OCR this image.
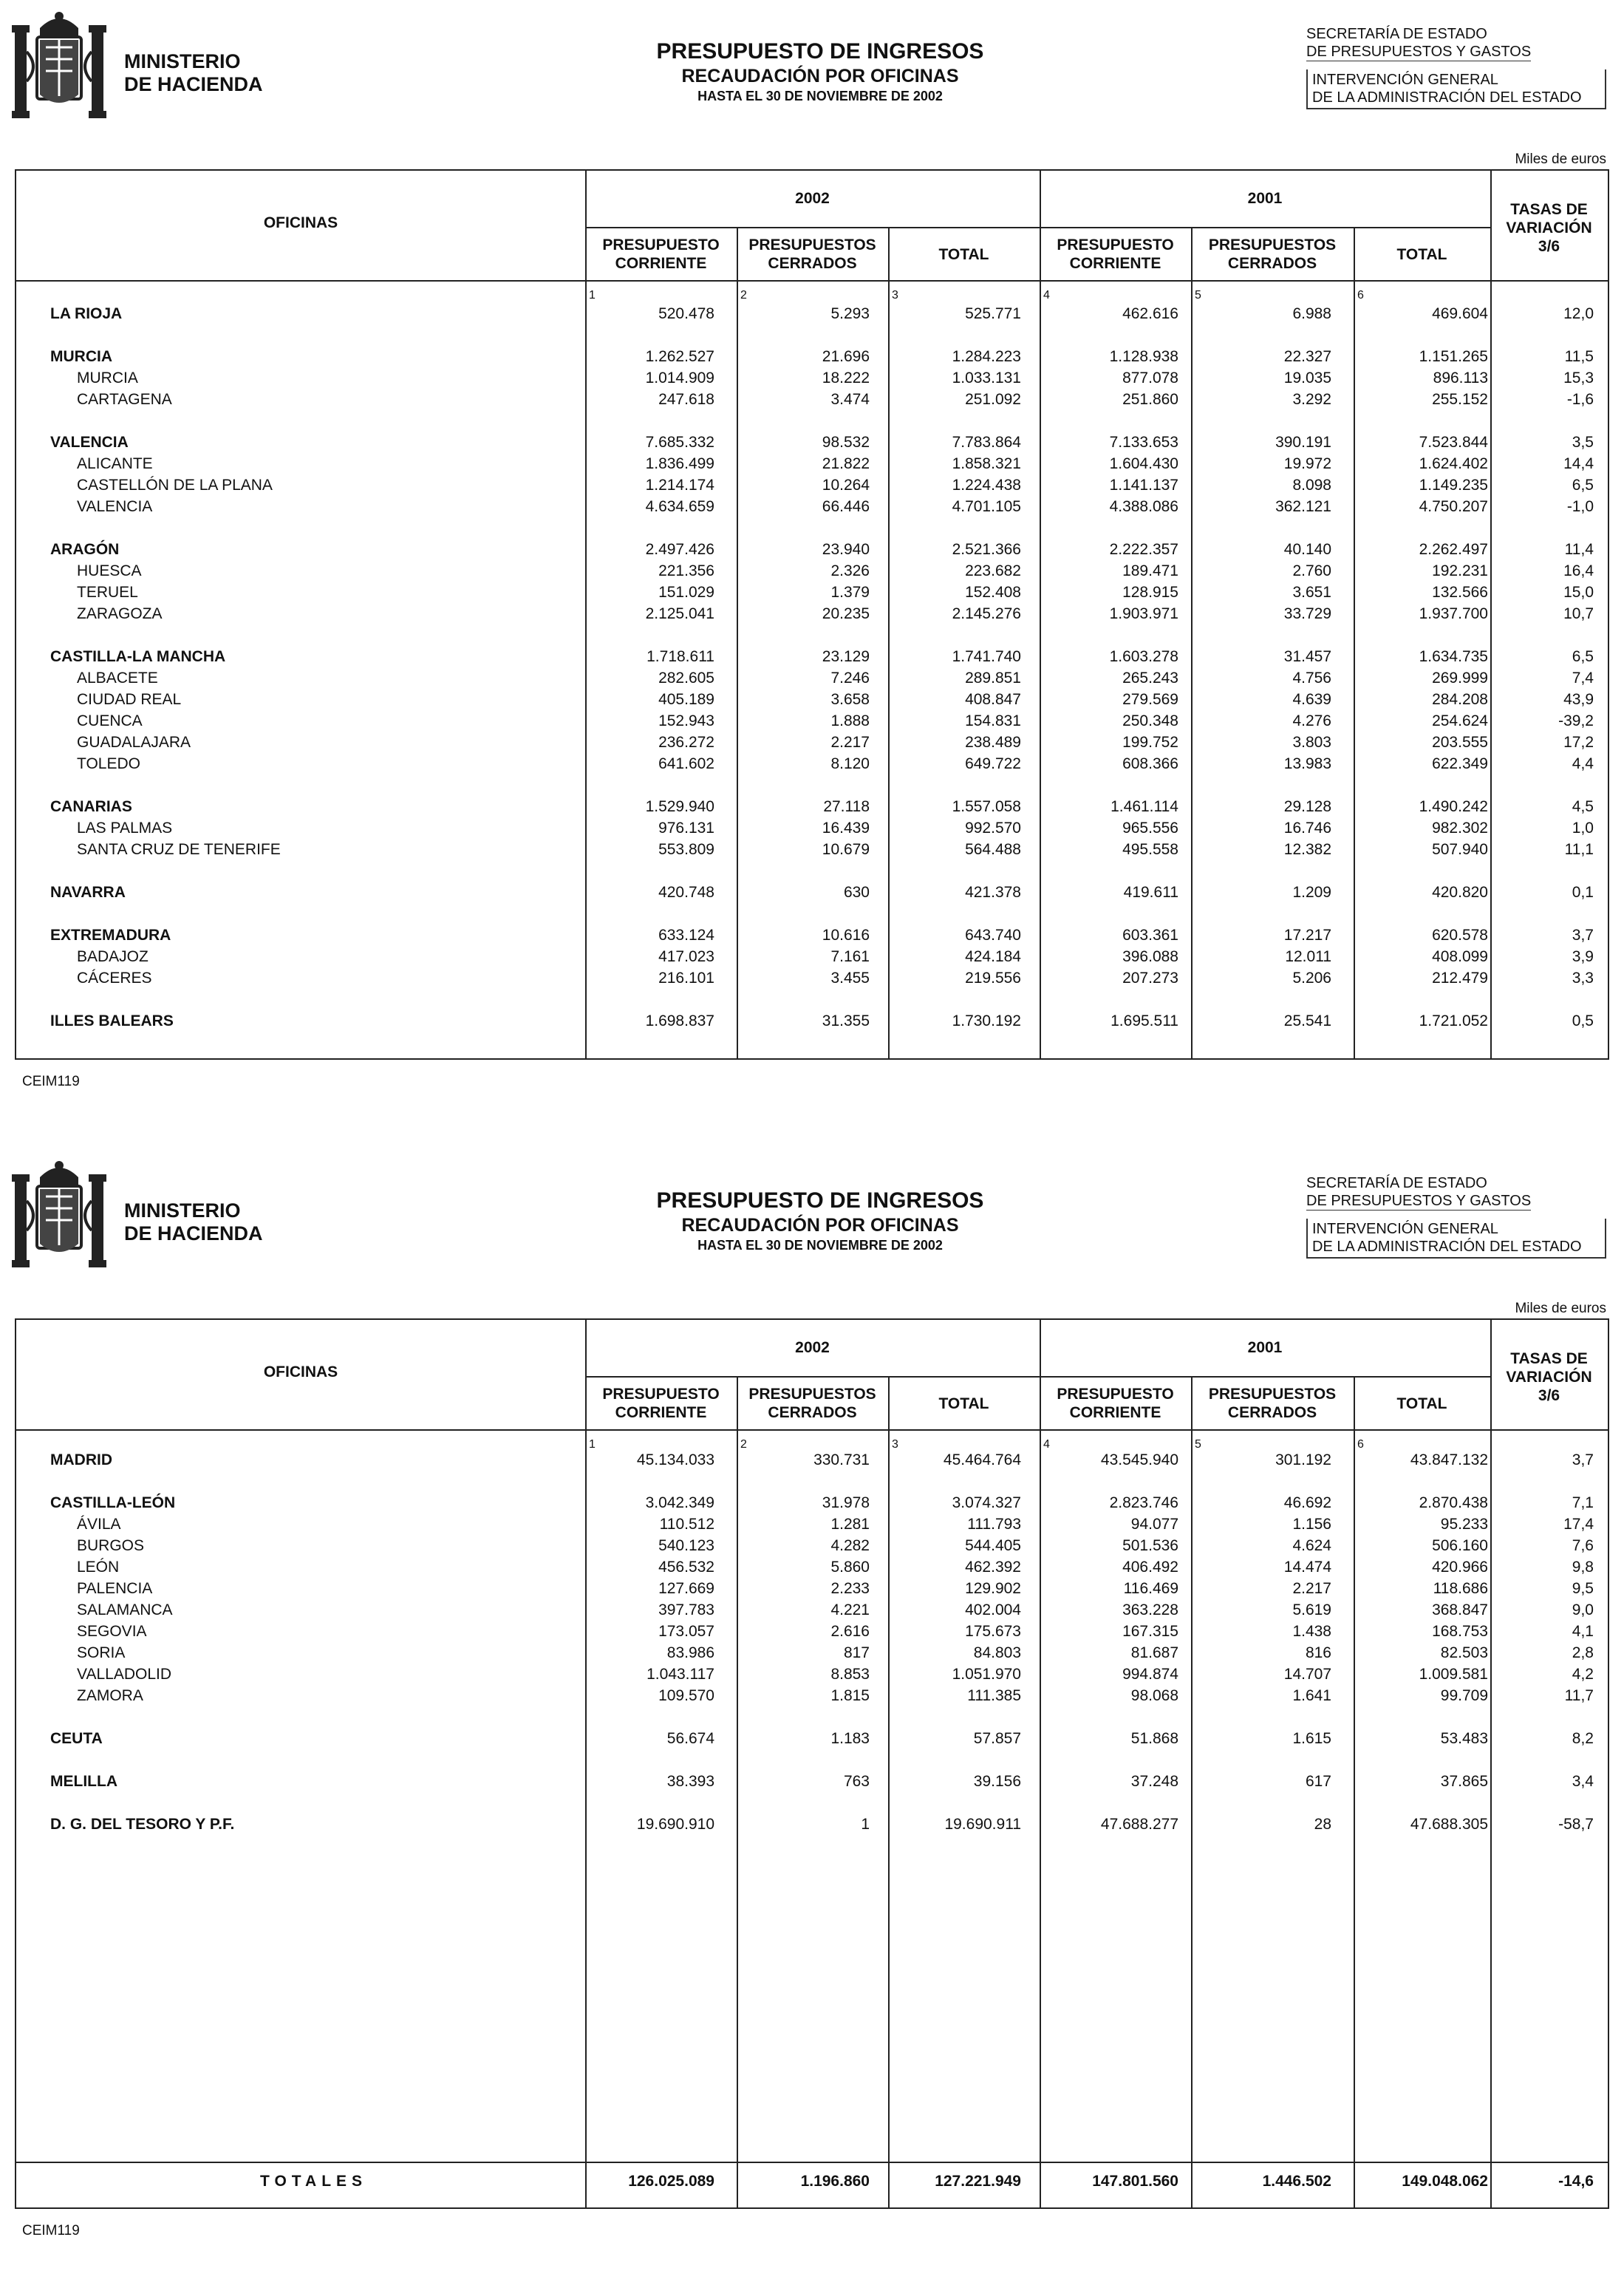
MINISTERIO
DE HACIENDA
PRESUPUESTO DE INGRESOS
RECAUDACIÓN POR OFICINAS
HASTA EL 30 DE NOVIEMBRE DE 2002
SECRETARÍA DE ESTADO
DE PRESUPUESTOS Y GASTOS
INTERVENCIÓN GENERAL
DE LA ADMINISTRACIÓN DEL ESTADO
Miles de euros
OFICINAS
2002	2001
PRESUPUESTO
CORRIENTE
PRESUPUESTOS
CERRADOS
TOTAL
PRESUPUESTO
CORRIENTE
PRESUPUESTOS
CERRADOS
TOTAL
TASAS DE
VARIACIÓN
3/6
1	2	3	4	5	6
LA RIOJA	520.478	5.293	525.771	462.616	6.988	469.604	12,0
MURCIA	1.262.527	21.696	1.284.223	1.128.938	22.327	1.151.265	11,5
MURCIA	1.014.909	18.222	1.033.131	877.078	19.035	896.113	15,3
CARTAGENA	247.618	3.474	251.092	251.860	3.292	255.152	-1,6
VALENCIA	7.685.332	98.532	7.783.864	7.133.653	390.191	7.523.844	3,5
ALICANTE	1.836.499	21.822	1.858.321	1.604.430	19.972	1.624.402	14,4
CASTELLÓN DE LA PLANA	1.214.174	10.264	1.224.438	1.141.137	8.098	1.149.235	6,5
VALENCIA	4.634.659	66.446	4.701.105	4.388.086	362.121	4.750.207	-1,0
ARAGÓN	2.497.426	23.940	2.521.366	2.222.357	40.140	2.262.497	11,4
HUESCA	221.356	2.326	223.682	189.471	2.760	192.231	16,4
TERUEL	151.029	1.379	152.408	128.915	3.651	132.566	15,0
ZARAGOZA	2.125.041	20.235	2.145.276	1.903.971	33.729	1.937.700	10,7
CASTILLA-LA MANCHA	1.718.611	23.129	1.741.740	1.603.278	31.457	1.634.735	6,5
ALBACETE	282.605	7.246	289.851	265.243	4.756	269.999	7,4
CIUDAD REAL	405.189	3.658	408.847	279.569	4.639	284.208	43,9
CUENCA	152.943	1.888	154.831	250.348	4.276	254.624	-39,2
GUADALAJARA	236.272	2.217	238.489	199.752	3.803	203.555	17,2
TOLEDO	641.602	8.120	649.722	608.366	13.983	622.349	4,4
CANARIAS	1.529.940	27.118	1.557.058	1.461.114	29.128	1.490.242	4,5
LAS PALMAS	976.131	16.439	992.570	965.556	16.746	982.302	1,0
SANTA CRUZ DE TENERIFE	553.809	10.679	564.488	495.558	12.382	507.940	11,1
NAVARRA	420.748	630	421.378	419.611	1.209	420.820	0,1
EXTREMADURA	633.124	10.616	643.740	603.361	17.217	620.578	3,7
BADAJOZ	417.023	7.161	424.184	396.088	12.011	408.099	3,9
CÁCERES	216.101	3.455	219.556	207.273	5.206	212.479	3,3
ILLES BALEARS	1.698.837	31.355	1.730.192	1.695.511	25.541	1.721.052	0,5
CEIM119
MINISTERIO
DE HACIENDA
PRESUPUESTO DE INGRESOS
RECAUDACIÓN POR OFICINAS
HASTA EL 30 DE NOVIEMBRE DE 2002
SECRETARÍA DE ESTADO
DE PRESUPUESTOS Y GASTOS
INTERVENCIÓN GENERAL
DE LA ADMINISTRACIÓN DEL ESTADO
Miles de euros
OFICINAS
2002	2001
PRESUPUESTO
CORRIENTE
PRESUPUESTOS
CERRADOS
TOTAL
PRESUPUESTO
CORRIENTE
PRESUPUESTOS
CERRADOS
TOTAL
TASAS DE
VARIACIÓN
3/6
1	2	3	4	5	6
MADRID	45.134.033	330.731	45.464.764	43.545.940	301.192	43.847.132	3,7
CASTILLA-LEÓN	3.042.349	31.978	3.074.327	2.823.746	46.692	2.870.438	7,1
ÁVILA	110.512	1.281	111.793	94.077	1.156	95.233	17,4
BURGOS	540.123	4.282	544.405	501.536	4.624	506.160	7,6
LEÓN	456.532	5.860	462.392	406.492	14.474	420.966	9,8
PALENCIA	127.669	2.233	129.902	116.469	2.217	118.686	9,5
SALAMANCA	397.783	4.221	402.004	363.228	5.619	368.847	9,0
SEGOVIA	173.057	2.616	175.673	167.315	1.438	168.753	4,1
SORIA	83.986	817	84.803	81.687	816	82.503	2,8
VALLADOLID	1.043.117	8.853	1.051.970	994.874	14.707	1.009.581	4,2
ZAMORA	109.570	1.815	111.385	98.068	1.641	99.709	11,7
CEUTA	56.674	1.183	57.857	51.868	1.615	53.483	8,2
MELILLA	38.393	763	39.156	37.248	617	37.865	3,4
D. G. DEL TESORO Y P.F.	19.690.910	1	19.690.911	47.688.277	28	47.688.305	-58,7
TOTALES	126.025.089	1.196.860	127.221.949	147.801.560	1.446.502	149.048.062	-14,6
CEIM119
